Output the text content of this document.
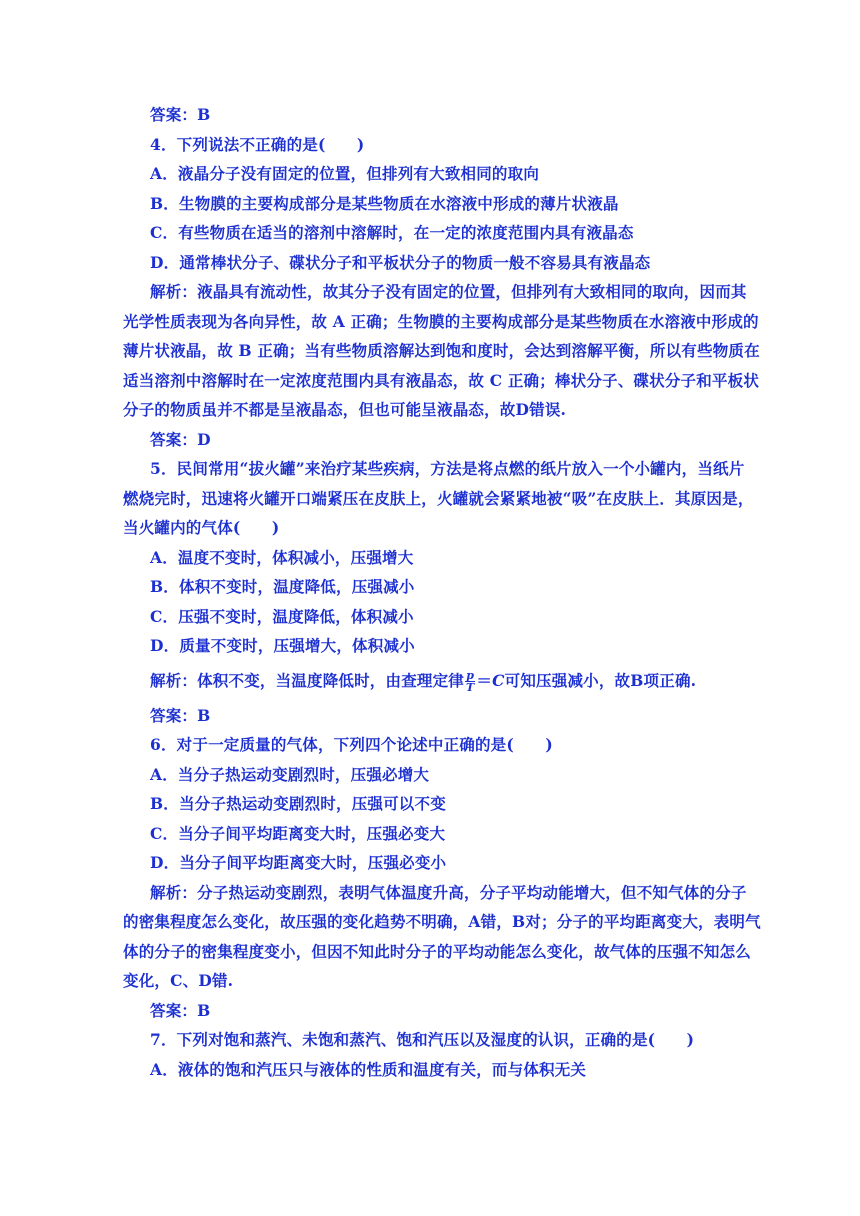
答案：B
4．下列说法不正确的是(　　)
A．液晶分子没有固定的位置，但排列有大致相同的取向
B．生物膜的主要构成部分是某些物质在水溶液中形成的薄片状液晶
C．有些物质在适当的溶剂中溶解时，在一定的浓度范围内具有液晶态
D．通常棒状分子、碟状分子和平板状分子的物质一般不容易具有液晶态
解析：液晶具有流动性，故其分子没有固定的位置，但排列有大致相同的取向，因而其
光学性质表现为各向异性，故 A 正确；生物膜的主要构成部分是某些物质在水溶液中形成的
薄片状液晶，故 B 正确；当有些物质溶解达到饱和度时，会达到溶解平衡，所以有些物质在
适当溶剂中溶解时在一定浓度范围内具有液晶态，故 C 正确；棒状分子、碟状分子和平板状
分子的物质虽并不都是呈液晶态，但也可能呈液晶态，故D错误.
答案：D
5．民间常用“拔火罐”来治疗某些疾病，方法是将点燃的纸片放入一个小罐内，当纸片
燃烧完时，迅速将火罐开口端紧压在皮肤上，火罐就会紧紧地被“吸”在皮肤上．其原因是，
当火罐内的气体(　　)
A．温度不变时，体积减小，压强增大
B．体积不变时，温度降低，压强减小
C．压强不变时，温度降低，体积减小
D．质量不变时，压强增大，体积减小
解析：体积不变，当温度降低时，由查理定律 $\frac{p}{T} =C$可知压强减小，故B项正确.
答案：B
6．对于一定质量的气体，下列四个论述中正确的是(　　)
A．当分子热运动变剧烈时，压强必增大
B．当分子热运动变剧烈时，压强可以不变
C．当分子间平均距离变大时，压强必变大
D．当分子间平均距离变大时，压强必变小
解析：分子热运动变剧烈，表明气体温度升高，分子平均动能增大，但不知气体的分子
的密集程度怎么变化，故压强的变化趋势不明确，A错，B对；分子的平均距离变大，表明气
体的分子的密集程度变小，但因不知此时分子的平均动能怎么变化，故气体的压强不知怎么
变化，C、D错.
答案：B
7．下列对饱和蒸汽、未饱和蒸汽、饱和汽压以及湿度的认识，正确的是(　　)
A．液体的饱和汽压只与液体的性质和温度有关，而与体积无关
